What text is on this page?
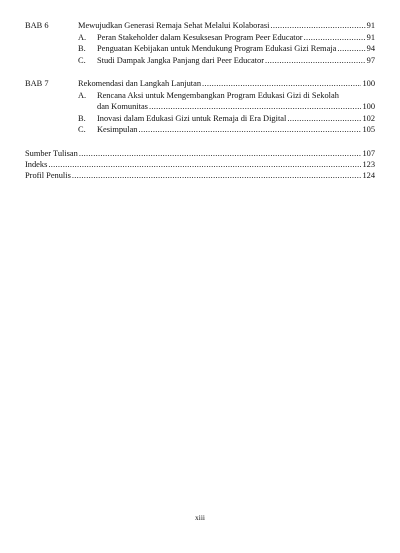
BAB 6	Mewujudkan Generasi Remaja Sehat Melalui Kolaborasi .....	91
A. Peran Stakeholder dalam Kesuksesan Program Peer Educator .....	91
B. Penguatan Kebijakan untuk Mendukung Program Edukasi Gizi Remaja .....	94
C. Studi Dampak Jangka Panjang dari Peer Educator .....	97
BAB 7	Rekomendasi dan Langkah Lanjutan .....	100
A. Rencana Aksi untuk Mengembangkan Program Edukasi Gizi di Sekolah
dan Komunitas .....	100
B. Inovasi dalam Edukasi Gizi untuk Remaja di Era Digital .....	102
C. Kesimpulan .....	105
Sumber Tulisan .....	107
Indeks .....	123
Profil Penulis .....	124
xiii
